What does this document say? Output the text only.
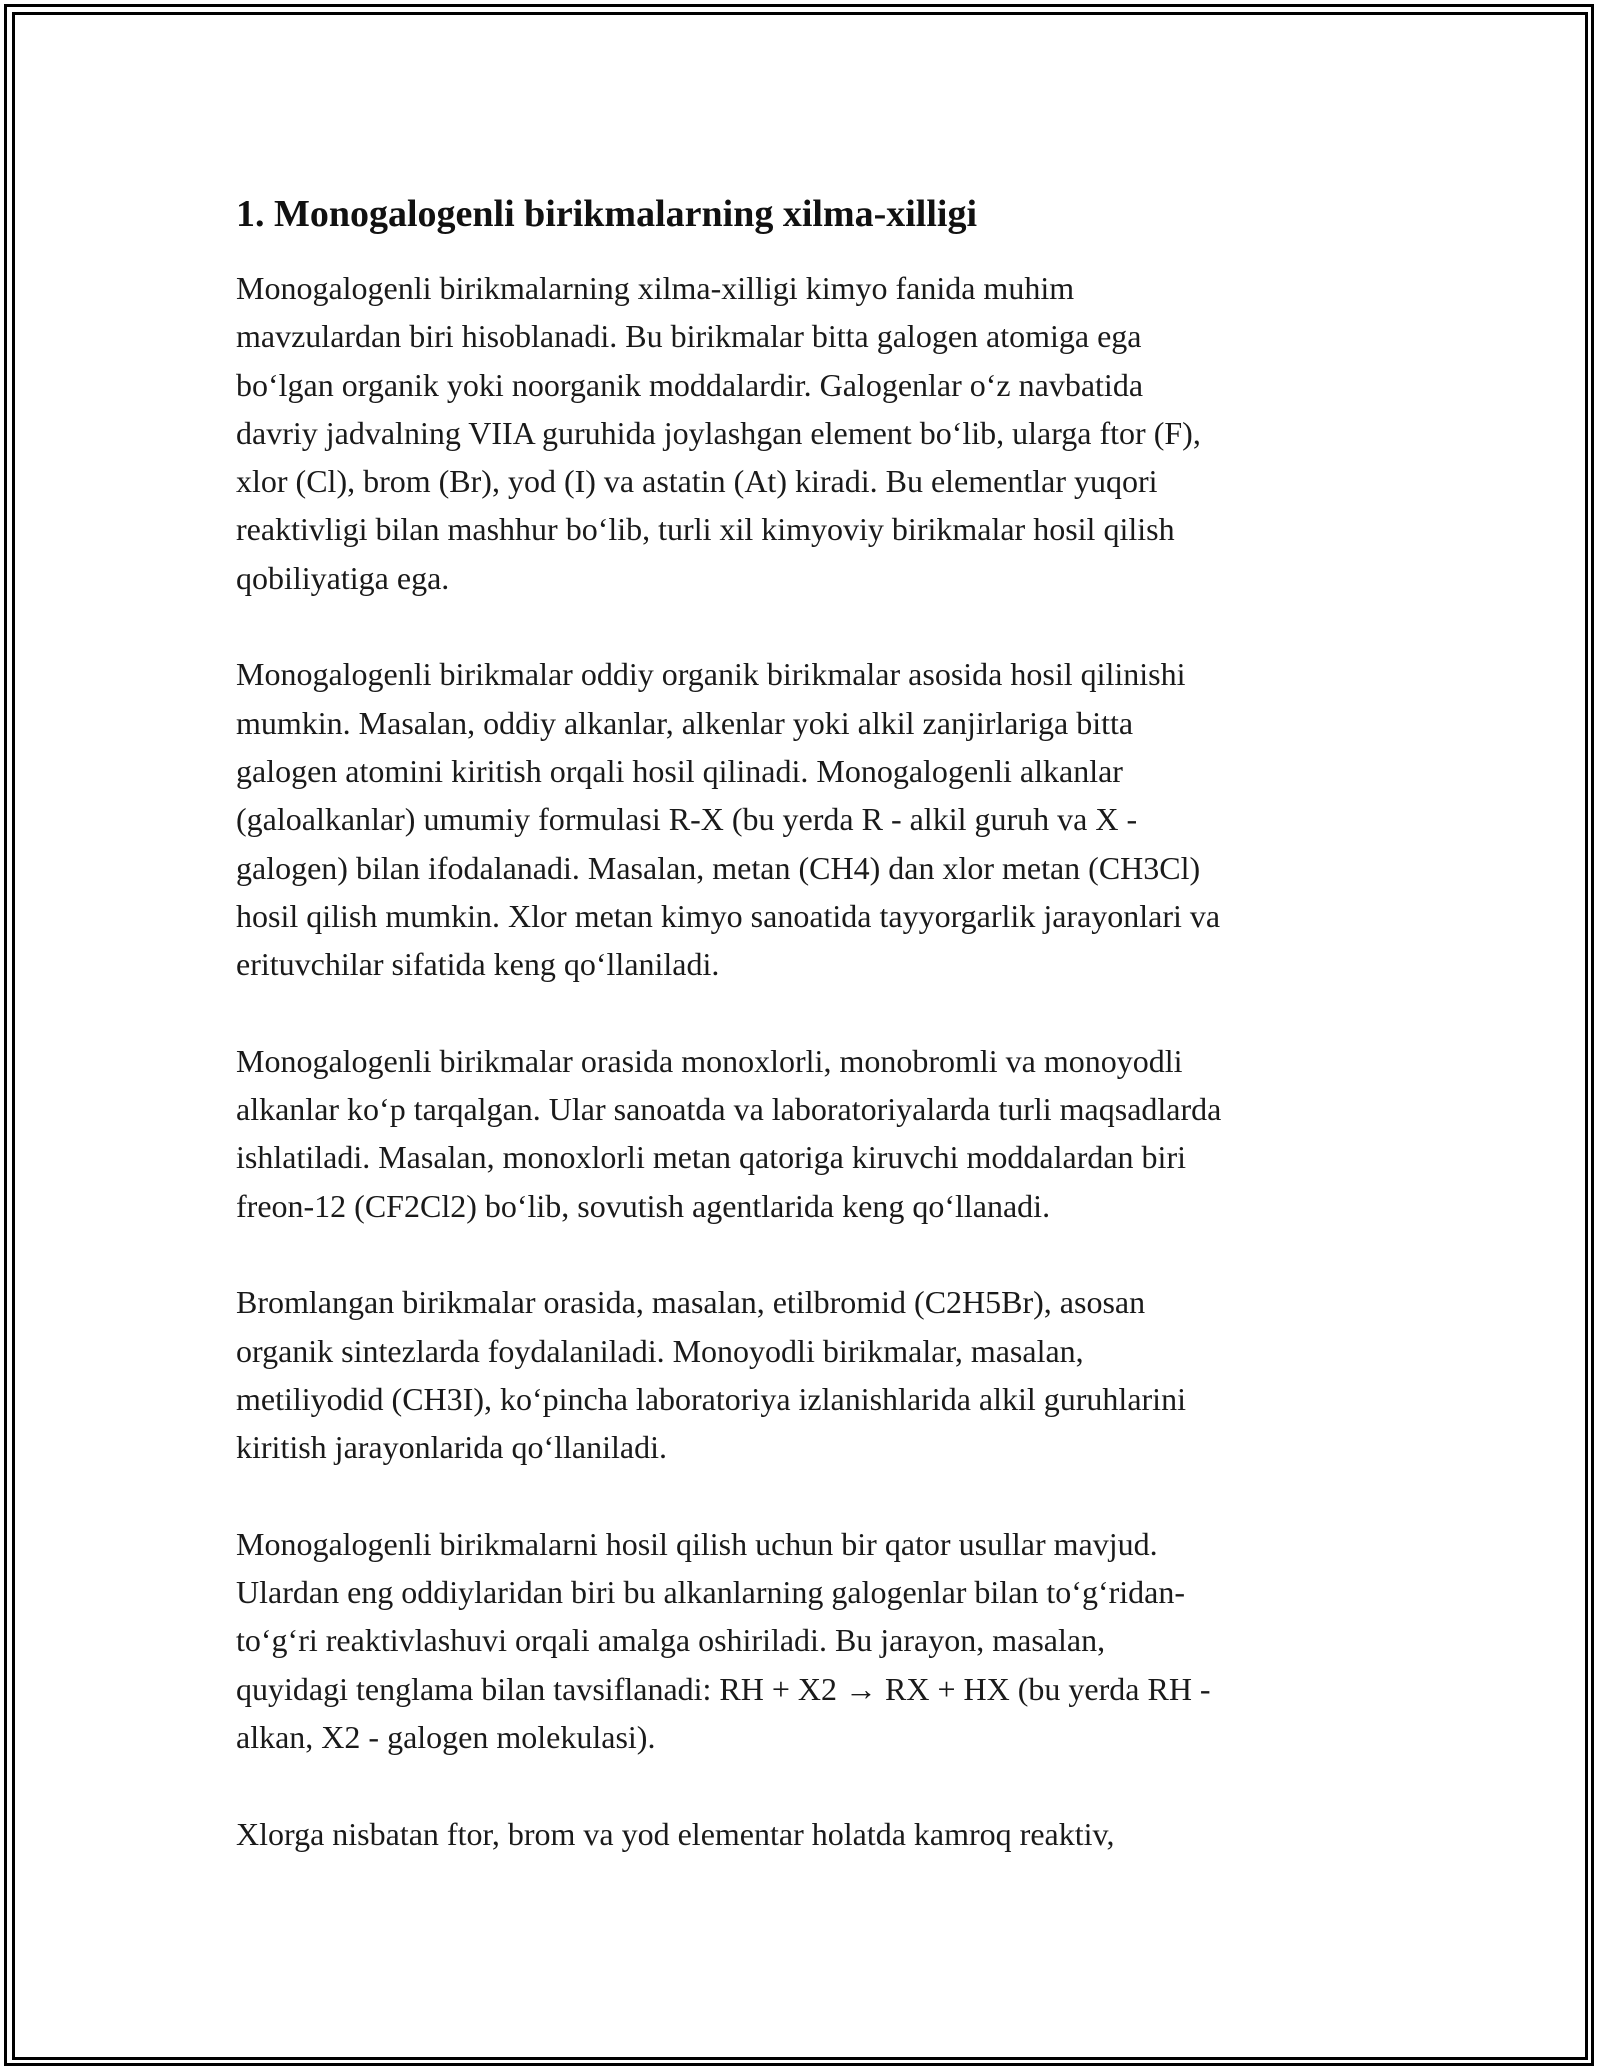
1. Monogalogenli birikmalarning xilma-xilligi

Monogalogenli birikmalarning xilma-xilligi kimyo fanida muhim
mavzulardan biri hisoblanadi. Bu birikmalar bitta galogen atomiga ega
bo‘lgan organik yoki noorganik moddalardir. Galogenlar o‘z navbatida
davriy jadvalning VIIA guruhida joylashgan element bo‘lib, ularga ftor (F),
xlor (Cl), brom (Br), yod (I) va astatin (At) kiradi. Bu elementlar yuqori
reaktivligi bilan mashhur bo‘lib, turli xil kimyoviy birikmalar hosil qilish
qobiliyatiga ega.

Monogalogenli birikmalar oddiy organik birikmalar asosida hosil qilinishi
mumkin. Masalan, oddiy alkanlar, alkenlar yoki alkil zanjirlariga bitta
galogen atomini kiritish orqali hosil qilinadi. Monogalogenli alkanlar
(galoalkanlar) umumiy formulasi R-X (bu yerda R - alkil guruh va X -
galogen) bilan ifodalanadi. Masalan, metan (CH4) dan xlor metan (CH3Cl)
hosil qilish mumkin. Xlor metan kimyo sanoatida tayyorgarlik jarayonlari va
erituvchilar sifatida keng qo‘llaniladi.

Monogalogenli birikmalar orasida monoxlorli, monobromli va monoyodli
alkanlar ko‘p tarqalgan. Ular sanoatda va laboratoriyalarda turli maqsadlarda
ishlatiladi. Masalan, monoxlorli metan qatoriga kiruvchi moddalardan biri
freon-12 (CF2Cl2) bo‘lib, sovutish agentlarida keng qo‘llanadi.

Bromlangan birikmalar orasida, masalan, etilbromid (C2H5Br), asosan
organik sintezlarda foydalaniladi. Monoyodli birikmalar, masalan,
metiliyodid (CH3I), ko‘pincha laboratoriya izlanishlarida alkil guruhlarini
kiritish jarayonlarida qo‘llaniladi.

Monogalogenli birikmalarni hosil qilish uchun bir qator usullar mavjud.
Ulardan eng oddiylaridan biri bu alkanlarning galogenlar bilan to‘g‘ridan-
to‘g‘ri reaktivlashuvi orqali amalga oshiriladi. Bu jarayon, masalan,
quyidagi tenglama bilan tavsiflanadi: RH + X2 → RX + HX (bu yerda RH -
alkan, X2 - galogen molekulasi).

Xlorga nisbatan ftor, brom va yod elementar holatda kamroq reaktiv,
